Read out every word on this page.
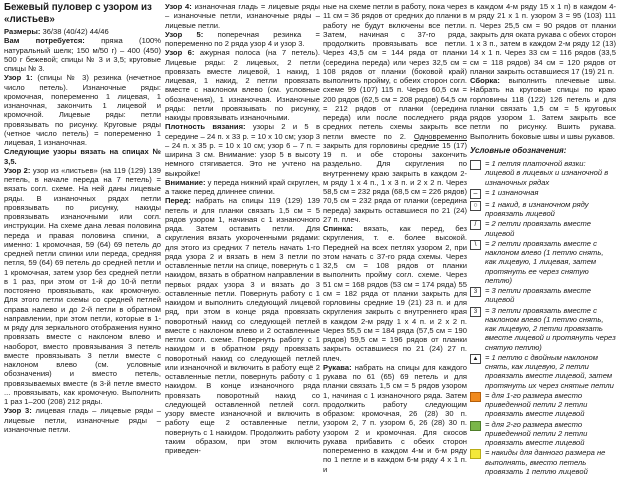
Бежевый пуловер с узором из «листьев»

Размеры: 36/38 (40/42) 44/46

Вам потребуется: пряжа (100% натуральный шелк; 150 м/50 г) – 400 (450) 500 г бежевой; спицы № 3 и 3,5; круговые спицы № 3.

Узор 1: (спицы № 3) резинка (нечетное число петель). Изнаночные ряды: кромочная, попеременно 1 лицевая, 1 изнаночная, закончить 1 лицевой и кромочной. Лицевые ряды: петли провязывать по рисунку. Круговые ряды (четное число петель) = попеременно 1 лицевая, 1 изнаночная.

Следующие узоры вязать на спицах № 3,5.

Узор 2: узор из «листьев» (на 119 (129) 139 петель, в начале переда на 7 петель) = вязать согл. схеме. На ней даны лицевые ряды. В изнаночных рядах петли провязывать по рисунку, накиды провязывать изнаночными или согл. инструкции. На схеме дана левая половина переда и правая половина спинки, а именно: 1 кромочная, 59 (64) 69 петель до средней петли спинки или переда, средняя петля, 59 (64) 69 петель до средней петли и 1 кромочная, затем узор без средней петли в 1 раз, при этом от 1-й до 10-й петли постоянно провязывать, как кромочную. Для этого петли схемы со средней петлей справа налево и до 2-й петли в обратном направлении, при этом петли, которые в 1-м ряду для зеркального отображения нужно провязать вместе с наклоном влево и наоборот, вместо провязывания 3 петель вместе провязывать 3 петли вместе с наклоном влево (см. условные обозначения) и вместо петель, провязываемых вместе (в 3-й петле вместо ... провязывать, как кромочную. Выполнить 1 раз 1–200 (208) 212 ряды.

Узор 3: лицевая гладь – лицевые ряды – лицевые петли, изнаночные ряды – изнаночные петли.

Узор 4: изнаночная гладь = лицевые ряды – изнаночные петли, изнаночные ряды – лицевые петли.

Узор 5: поперечная резинка = попеременно по 2 ряда узор 4 и узор 3.

Узор 6: ажурная полоса (на 7 петель). Лицевые ряды: 2 лицевых, 2 петли провязать вместе лицевой, 1 накид, 1 лицевая, 1 накид, 2 петли провязать вместе с наклоном влево (см. условные обозначения), 1 изнаночная. Изнаночные ряды: петли провязывать по рисунку, накиды провязывать изнаночными.

Плотность вязания: узоры 2 и 5 в середине – 24 п. х 33 р. = 10 х 10 см; узор 3 – 24 п. х 35 р. = 10 х 10 см; узор 6 – 7 п. = ширина 3 см. Внимание: узор 5 в высоту немного стягивается. Это не учтено на выкройке!

Внимание: у переда нижний край скруглен, а также перед длиннее спинки.

Перед: набрать на спицы 119 (129) 139 петель и для планки связать 1,5 см = 5 рядов узором 1, начиная с 1 изнаночного ряда. Затем оставить петли. Для скругления вязать укороченными рядами: для этого из средних 7 петель начать 1-го ряда узора 2 и вязать в нем 3 петли по оставленные петли на спице, повернуть с 1 накидом, вязать в обратном направлении в первых рядах узора 3 и вязать до 3 оставленные петли. Повернуть работу с 1 накидом и выполнить следующий лицевой ряд, при этом в конце ряда провязать поворотный накид со следующей петлей вместе с наклоном влево и 2 оставленные петли согл. схеме. Повернуть работу с 1 накидом и в обратном ряду провязать поворотный накид со следующей петлей или изнаночной и включить в работу ещё 2 оставленные петли, повернуть работу с 1 накидом. В конце изнаночного ряда провязать поворотный накид со следующей оставленной петлей согл. узору вместе изнаночной и включить в работу еще 2 оставленные петли, повернуть с 1 накидом. Продолжить работу таким образом, при этом включить приведен-

ные на схеме петли в работу, пока через 11 см = 36 рядов от средних до планки в работу не будут включены все петли. Затем, начиная с 37-го ряда, продолжить провязывать все петли. Через 43,5 см = 144 ряда от планки (середина переда) или через 32,5 см = 108 рядов от планки (боковой край) выполнить пройму, с обеих сторон согл. схеме 99 (107) 115 п. Через 60,5 см = 200 рядов (62,5 см = 208 рядов) 64,5 см = 212 рядов от планки (середина переда) или после последнего ряда средних петель схемы закрыть все петли вместе по 2. Одновременно закрыть для горловины средние 15 (17) 19 п. и обе стороны закончить раздельно. Для скругления по внутреннему краю закрыть в каждом 2-м ряду 1 х 4 п., 1 х 3 п. и 2 х 2 п. Через 58,5 см = 232 ряда (68,5 см = 226 рядов) 70,5 см = 232 ряда от планки (середина переда) закрыть оставшиеся по 21 (24) 27 п. плеч.

Спинка: вязать, как перед, без скругления, т. е. более высокой. Передней на всех петлях узором 2, при этом начать с 37-го ряда схемы. Через 32,5 см = 108 рядов от планки выполнить пройму согл. схеме. Через 51 см = 168 рядов (53 см = 174 ряда) 55 см = 182 ряда от планки закрыть для горловины средние 19 (21) 23 п. и для скругления закрыть с внутреннего края в каждом 2-м ряду 1 х 4 п. и 2 х 2 п. Через 55,5 см = 184 ряда (57,5 см = 190 рядов) 59,5 см = 196 рядов от планки закрыть оставшиеся по 21 (24) 27 п. плеч.

Рукава: набрать на спицы для каждого рукава по 61 (65) 69 петель и для планки связать 1,5 см = 5 рядов узором 1, начиная с 1 изнаночного ряда. Затем продолжить работу следующим образом: кромочная, 26 (28) 30 п. узором 2, 7 п. узором 6, 26 (28) 30 п. узором 2 и кромочная. Для скосов рукава прибавить с обеих сторон попеременно в каждом 4-м и 6-м ряду по 1 петле и в каждом 6-м ряду 4 х 1 п. и

в каждом 4-м ряду 15 х 1 п) в каждом 4-м ряду 21 х 1 п. узором 3 = 95 (103) 111 п. Через 25,5 см = 90 рядов от планки закрыть для оката рукава с обеих сторон 1 х 3 п., затем в каждом 2-м ряду 12 (13) 14 х 1 п. Через 33 см = 116 рядов (33,5 см = 118 рядов) 34 см = 120 рядов от планки закрыть оставшиеся 17 (19) 21 п.

Сборка: выполнить плечевые швы. Набрать на круговые спицы по краю горловины 118 (122) 126 петель и для планки связать 1,5 см = 5 круговых рядов узором 1. Затем закрыть все петли по рисунку. Вшить рукава. Выполнить боковые швы и швы рукавов.

Условные обозначения:

= 1 петля платочной вязки: лицевой в лицевых и изнаночной в изнаночных рядах
–
= 1 изнаночная
○
= 1 накид, в изнаночном ряду провязать лицевой
/
= 2 петли провязать вместе лицевой
\
= 2 петли провязать вместе с наклоном влево (1 петлю снять, как лицевую, 1 лицевая, затем протянуть ее через снятую петлю)
3	= 3 петли провязать вместе лицевой
3	= 3 петли провязать вместе с наклоном влево (1 петлю снять, как лицевую, 2 петли провязать вместе лицевой и протянуть через снятую петлю)
▲
= 1 петлю с двойным наклоном снять, как лицевую, 2 петли провязать вместе лицевой, затем протянуть их через снятые петли
= для 1-го размера вместо приведенной петли 2 петли провязать вместе лицевой
= для 2-го размера вместо приведенной петли 2 петли провязать вместе лицевой
= накиды для данного размера не выполнять, вместо петель провязать 1 петлю лицевой
